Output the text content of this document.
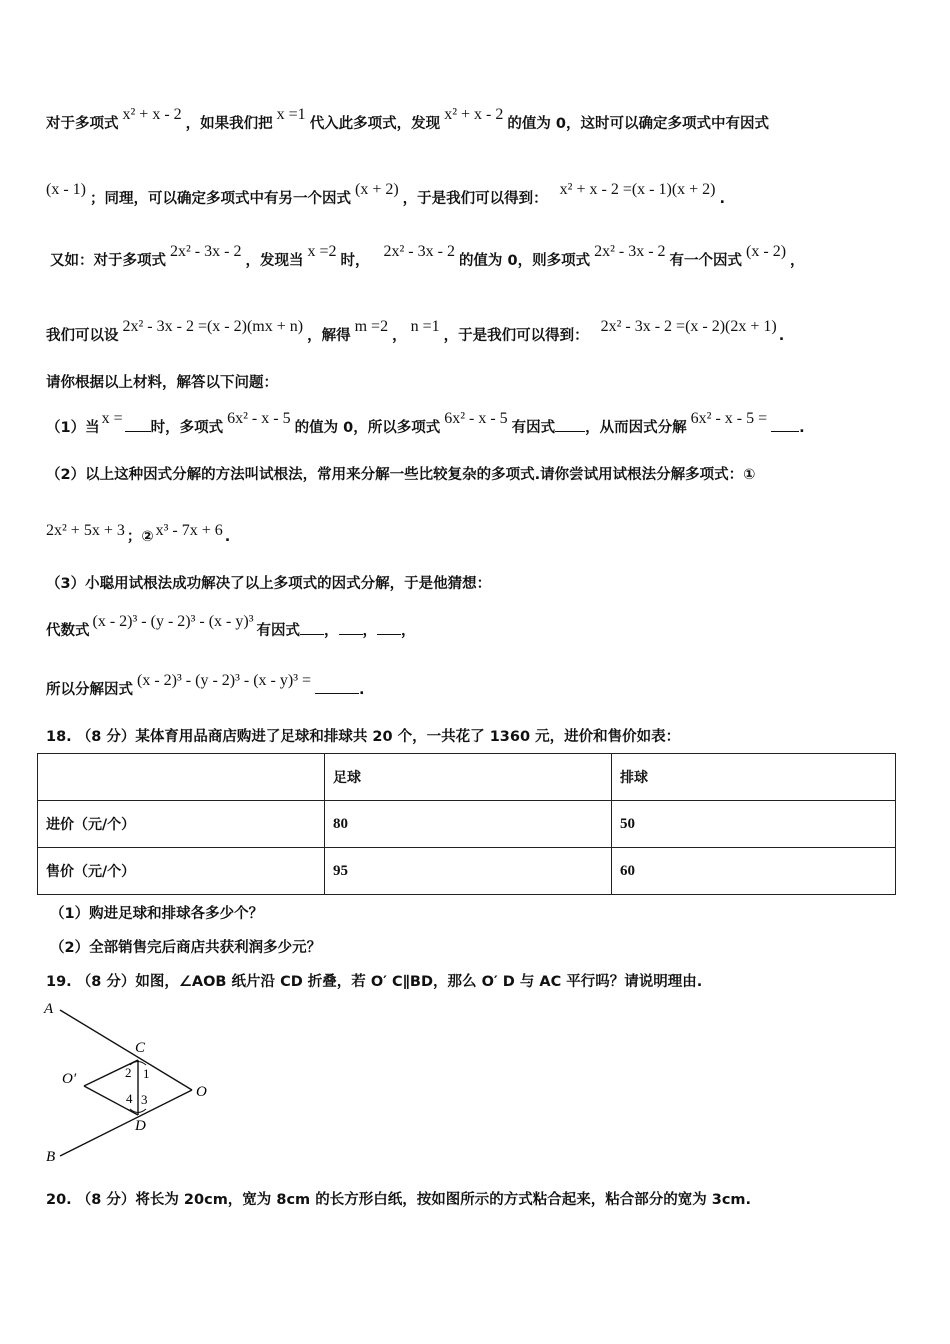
对于多项式x² + x - 2，如果我们把x =1代入此多项式，发现x² + x - 2的值为 0，这时可以确定多项式中有因式
(x - 1)；同理，可以确定多项式中有另一个因式(x + 2)，于是我们可以得到：x² + x - 2 =(x - 1)(x + 2).
又如：对于多项式2x² - 3x - 2，发现当x =2时，2x² - 3x - 2的值为 0，则多项式2x² - 3x - 2有一个因式(x - 2)，
我们可以设2x² - 3x - 2 =(x - 2)(mx + n)，解得m =2，n =1，于是我们可以得到：2x² - 3x - 2 =(x - 2)(2x + 1).
请你根据以上材料，解答以下问题：
（1）当x =时，多项式6x² - x - 5的值为 0，所以多项式6x² - x - 5有因式 ，从而因式分解6x² - x - 5 =.
（2）以上这种因式分解的方法叫试根法，常用来分解一些比较复杂的多项式.请你尝试用试根法分解多项式：①
2x² + 5x + 3 ；② x³ - 7x + 6 .
（3）小聪用试根法成功解决了以上多项式的因式分解，于是他猜想：
代数式(x - 2)³ - (y - 2)³ - (x - y)³有因式 ， ， ，
所以分解因式(x - 2)³ - (y - 2)³ - (x - y)³ =.
18. （8 分）某体育用品商店购进了足球和排球共 20 个，一共花了 1360 元，进价和售价如表：
	足球	排球
进价（元/个）	80	50
售价（元/个）	95	60
（1）购进足球和排球各多少个？
（2）全部销售完后商店共获利润多少元？
19. （8 分）如图，∠AOB 纸片沿 CD 折叠，若 O′ C∥BD，那么 O′ D 与 AC 平行吗？请说明理由.
A
B
C
D
O
O′	1
2
3
4
20. （8 分）将长为 20cm，宽为 8cm 的长方形白纸，按如图所示的方式粘合起来，粘合部分的宽为 3cm.
